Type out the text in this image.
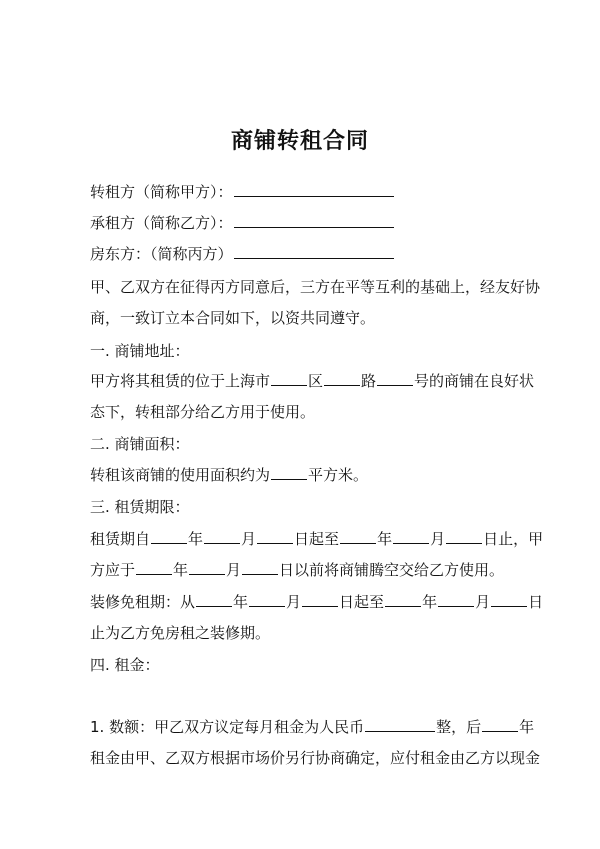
商铺转租合同
转租方（简称甲方）：
承租方（简称乙方）：
房东方：（简称丙方）
甲、乙双方在征得丙方同意后，三方在平等互利的基础上，经友好协
商，一致订立本合同如下，以资共同遵守。
一. 商铺地址：
甲方将其租赁的位于上海市	区	路	号的商铺在良好状
态下，转租部分给乙方用于使用。
二. 商铺面积：
转租该商铺的使用面积约为	平方米。
三. 租赁期限：
租赁期自	年	月	日起至	年	月	日止，甲
方应于	年	月	日以前将商铺腾空交给乙方使用。
装修免租期：从	年	月	日起至	年	月	日
止为乙方免房租之装修期。
四. 租金：
1. 数额：甲乙双方议定每月租金为人民币	整，后	年
租金由甲、乙双方根据市场价另行协商确定，应付租金由乙方以现金
